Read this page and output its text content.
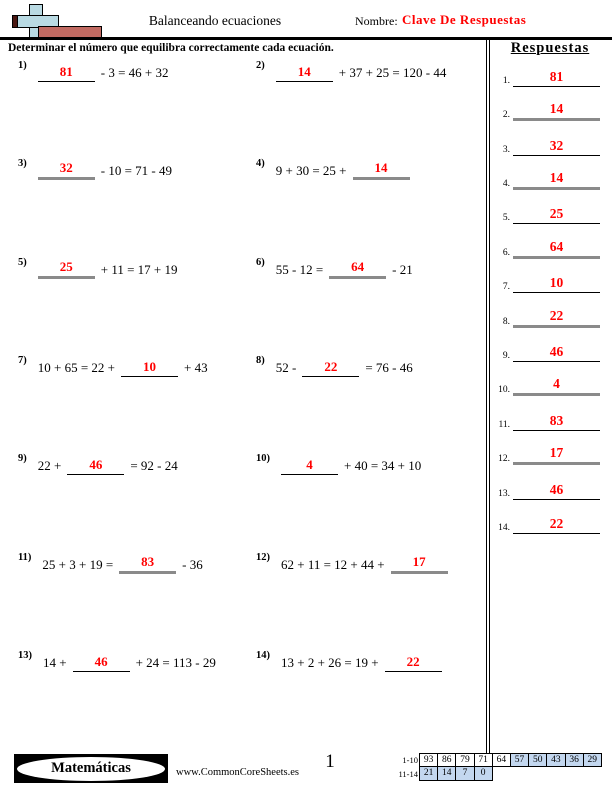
Balanceando ecuaciones	Nombre: Clave De Respuestas
Determinar el número que equilibra correctamente cada ecuación.	Respuestas
1.	81
2.	14
3.	32
4.	14
5.	25
6.	64
7.	10
8.	22
9.	46
10.	4
11.	83
12.	17
13.	46
14.	22
1)	81	- 3 = 46 + 32	2)	14	+ 37 + 25 = 120 - 44
3)	32	- 10 = 71 - 49	4) 9 + 30 = 25 +	14
5)	25	+ 11 = 17 + 19	6) 55 - 12 =	64	- 21
7) 10 + 65 = 22 +	10	+ 43	8) 52 -	22	= 76 - 46
9) 22 +	46	= 92 - 24	10)	4	+ 40 = 34 + 10
11) 25 + 3 + 19 =	83	- 36	12) 62 + 11 = 12 + 44 +	17
13) 14 +	46	+ 24 = 113 - 29	14) 13 + 2 + 26 = 19 +	22
Matemáticas	www.CommonCoreSheets.es
1	1-10 93 86 79 71 64 57 50 43 36 29
11-14 21 14	7	0
